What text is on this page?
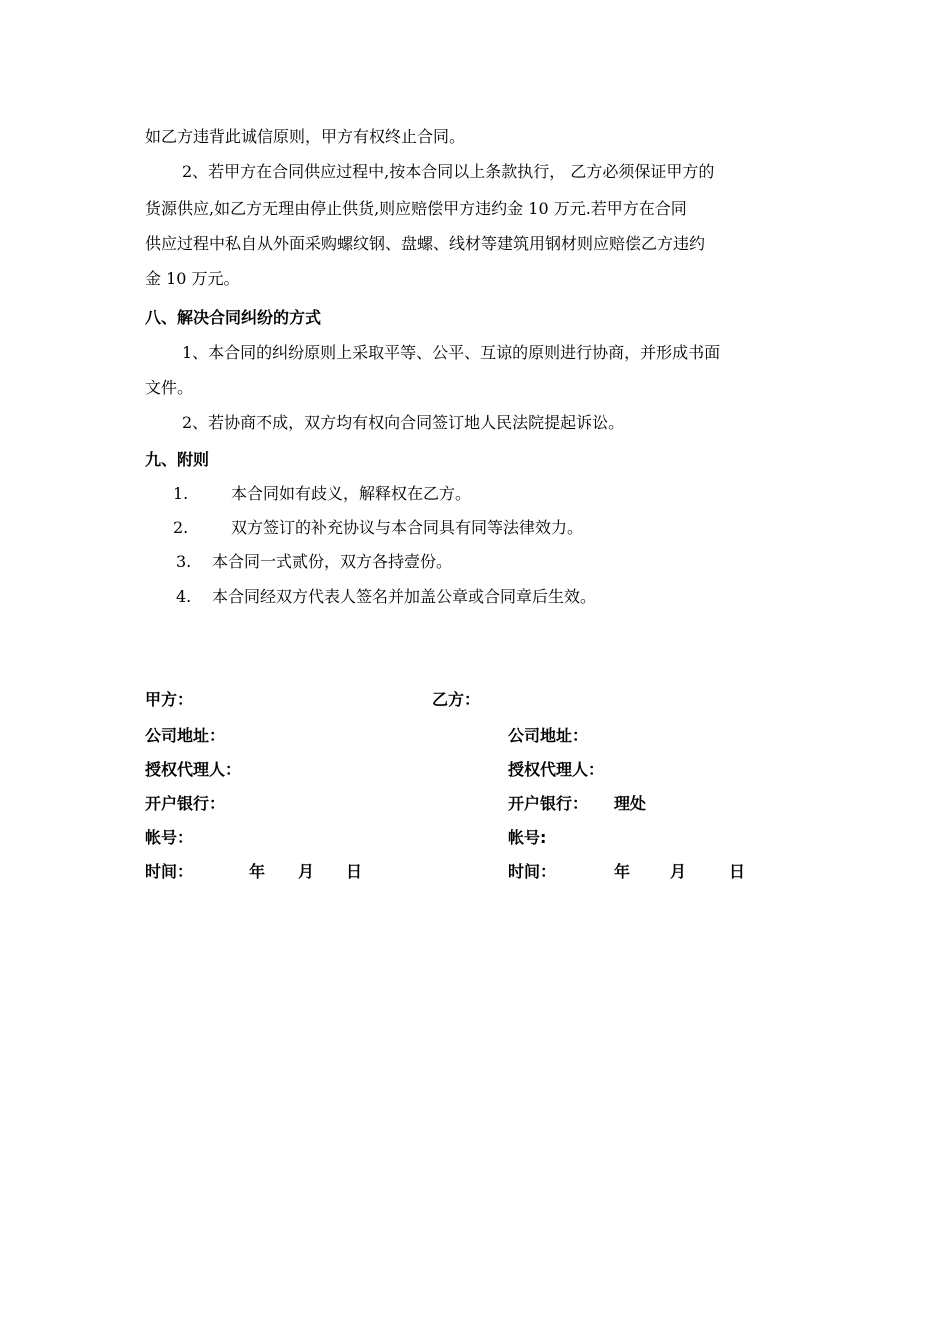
如乙方违背此诚信原则，甲方有权终止合同。
2、若甲方在合同供应过程中,按本合同以上条款执行， 乙方必须保证甲方的
货源供应,如乙方无理由停止供货,则应赔偿甲方违约金 10 万元.若甲方在合同
供应过程中私自从外面采购螺纹钢、盘螺、线材等建筑用钢材则应赔偿乙方违约
金 10 万元。
八、解决合同纠纷的方式
1、本合同的纠纷原则上采取平等、公平、互谅的原则进行协商，并形成书面
文件。
2、若协商不成，双方均有权向合同签订地人民法院提起诉讼。
九、附则
1.	本合同如有歧义，解释权在乙方。
2.	双方签订的补充协议与本合同具有同等法律效力。
3. 本合同一式贰份，双方各持壹份。
4. 本合同经双方代表人签名并加盖公章或合同章后生效。
甲方：
公司地址：
授权代理人：
开户银行：
帐号：
时间：	年 月 日
乙方：
公司地址：
授权代理人：
开户银行： 理处
帐号:
时间：	年 月	日
